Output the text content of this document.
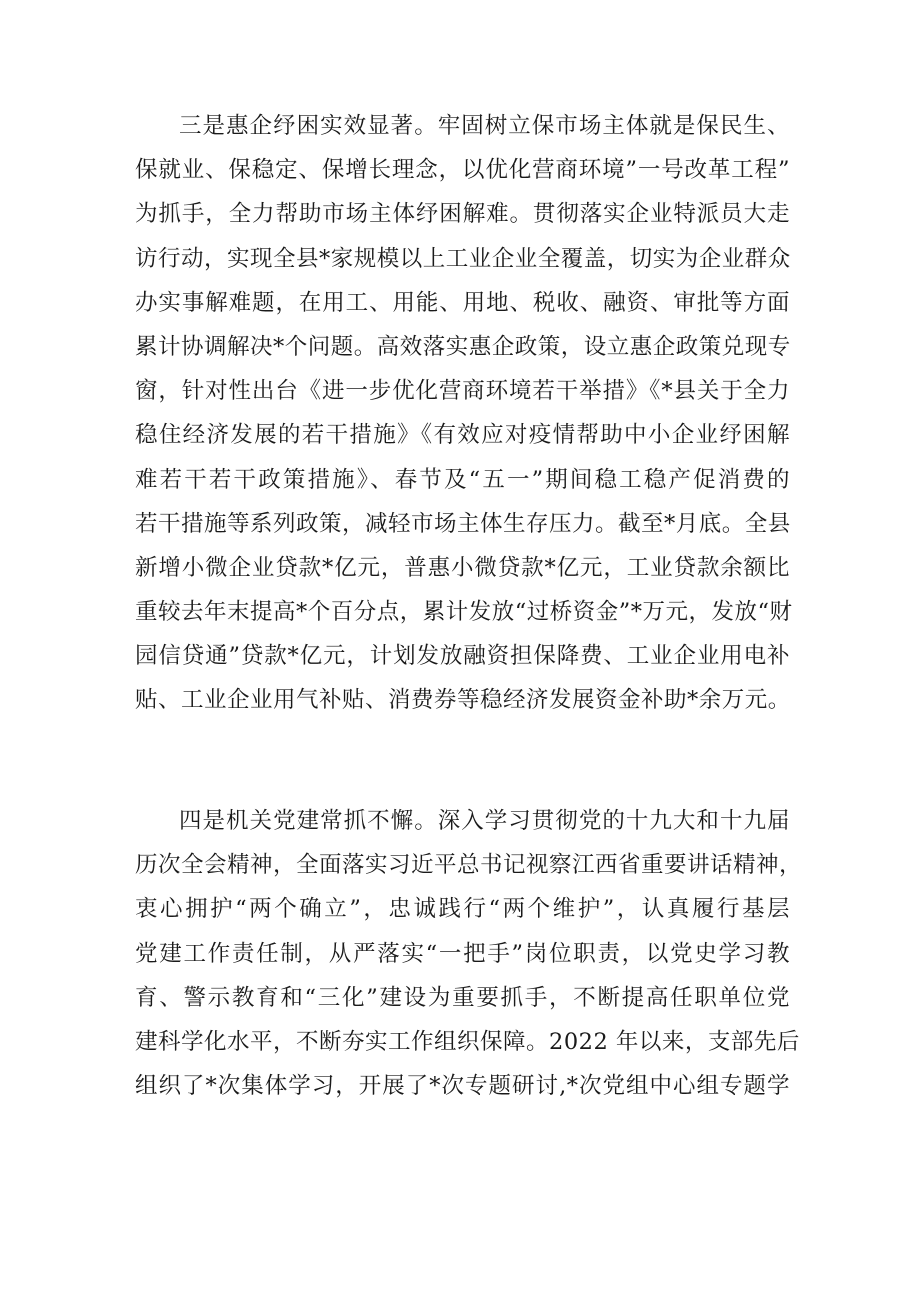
三是惠企纾困实效显著。牢固树立保市场主体就是保民生、
保就业、保稳定、保增长理念，以优化营商环境”一号改革工程”
为抓手，全力帮助市场主体纾困解难。贯彻落实企业特派员大走
访行动，实现全县*家规模以上工业企业全覆盖，切实为企业群众
办实事解难题，在用工、用能、用地、税收、融资、审批等方面
累计协调解决*个问题。高效落实惠企政策，设立惠企政策兑现专
窗，针对性出台《进一步优化营商环境若干举措》《*县关于全力
稳住经济发展的若干措施》《有效应对疫情帮助中小企业纾困解
难若干若干政策措施》、春节及“五一”期间稳工稳产促消费的
若干措施等系列政策，减轻市场主体生存压力。截至*月底。全县
新增小微企业贷款*亿元，普惠小微贷款*亿元，工业贷款余额比
重较去年末提高*个百分点，累计发放“过桥资金”*万元，发放“财
园信贷通”贷款*亿元，计划发放融资担保降费、工业企业用电补
贴、工业企业用气补贴、消费券等稳经济发展资金补助*余万元。
四是机关党建常抓不懈。深入学习贯彻党的十九大和十九届
历次全会精神，全面落实习近平总书记视察江西省重要讲话精神，
衷心拥护“两个确立”，忠诚践行“两个维护”，认真履行基层
党建工作责任制，从严落实“一把手”岗位职责，以党史学习教
育、警示教育和“三化”建设为重要抓手，不断提高任职单位党
建科学化水平，不断夯实工作组织保障。2022 年以来，支部先后
组织了*次集体学习，开展了*次专题研讨,*次党组中心组专题学
